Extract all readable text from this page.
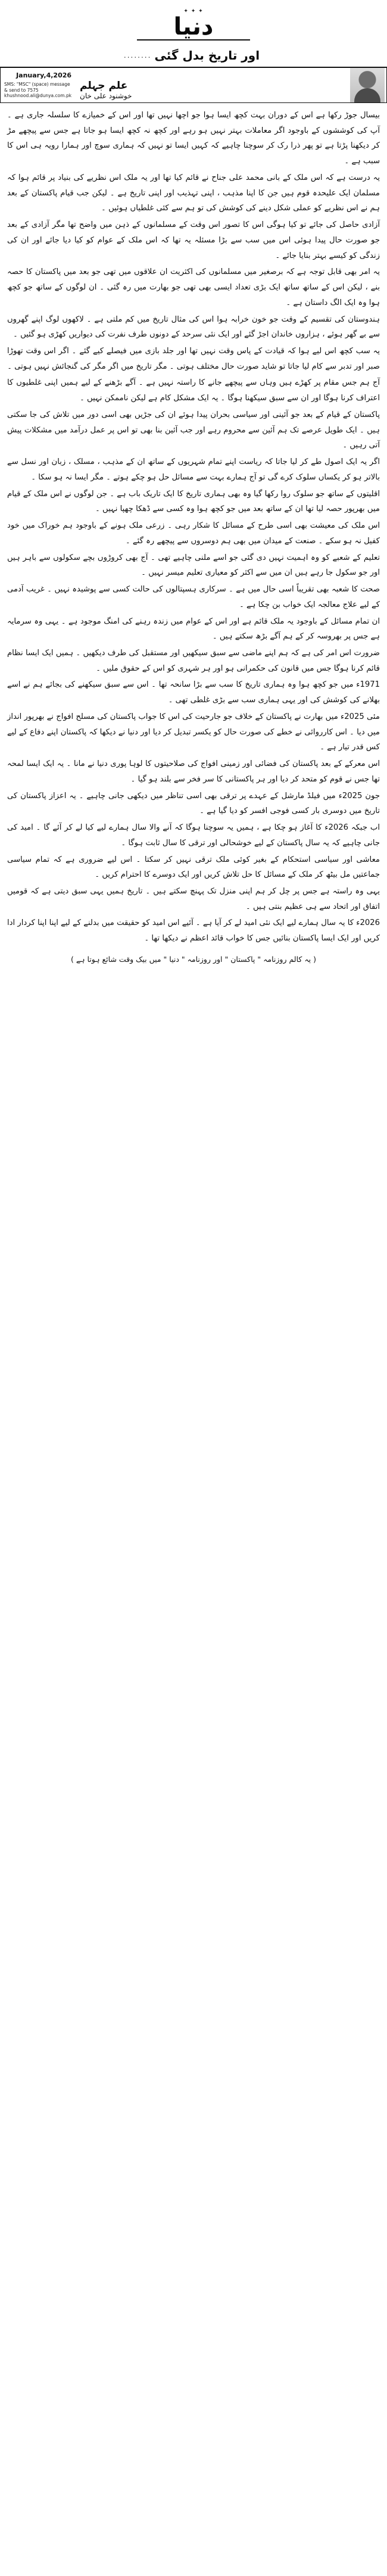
✦ ✦ ✦
دنیا
اور تاریخ بدل گئی ........
علم جہلم
خوشنود علی خان
January,4,2026
SMS: "MSC" (space) message & send to 7575
khushnood.ali@dunya.com.pk

بیسال جوڑ رکھا ہے اس کے دوران بہت کچھ ایسا ہوا جو اچھا نہیں تھا اور اس کے خمیازے کا سلسلہ جاری ہے ۔ آپ کی کوششوں کے باوجود اگر معاملات بہتر نہیں ہو رہے اور کچھ نہ کچھ ایسا ہو جاتا ہے جس سے پیچھے مڑ کر دیکھنا پڑتا ہے تو پھر ذرا رک کر سوچنا چاہیے کہ کہیں ایسا تو نہیں کہ ہماری سوچ اور ہمارا رویہ ہی اس کا سبب ہے ۔

یہ درست ہے کہ اس ملک کے بانی محمد علی جناح نے قائم کیا تھا اور یہ ملک اس نظریے کی بنیاد پر قائم ہوا کہ مسلمان ایک علیحدہ قوم ہیں جن کا اپنا مذہب ، اپنی تہذیب اور اپنی تاریخ ہے ۔ لیکن جب قیام پاکستان کے بعد ہم نے اس نظریے کو عملی شکل دینے کی کوشش کی تو ہم سے کئی غلطیاں ہوئیں ۔

آزادی حاصل کی جائے تو کیا ہوگی اس کا تصور اس وقت کے مسلمانوں کے ذہن میں واضح تھا مگر آزادی کے بعد جو صورت حال پیدا ہوئی اس میں سب سے بڑا مسئلہ یہ تھا کہ اس ملک کے عوام کو کیا دیا جائے اور ان کی زندگی کو کیسے بہتر بنایا جائے ۔

یہ امر بھی قابل توجہ ہے کہ برصغیر میں مسلمانوں کی اکثریت ان علاقوں میں تھی جو بعد میں پاکستان کا حصہ بنے ، لیکن اس کے ساتھ ساتھ ایک بڑی تعداد ایسی بھی تھی جو بھارت میں رہ گئی ۔ ان لوگوں کے ساتھ جو کچھ ہوا وہ ایک الگ داستان ہے ۔

ہندوستان کی تقسیم کے وقت جو خون خرابہ ہوا اس کی مثال تاریخ میں کم ملتی ہے ۔ لاکھوں لوگ اپنے گھروں سے بے گھر ہوئے ، ہزاروں خاندان اجڑ گئے اور ایک نئی سرحد کے دونوں طرف نفرت کی دیواریں کھڑی ہو گئیں ۔

یہ سب کچھ اس لیے ہوا کہ قیادت کے پاس وقت نہیں تھا اور جلد بازی میں فیصلے کیے گئے ۔ اگر اس وقت تھوڑا صبر اور تدبر سے کام لیا جاتا تو شاید صورت حال مختلف ہوتی ۔ مگر تاریخ میں اگر مگر کی گنجائش نہیں ہوتی ۔

آج ہم جس مقام پر کھڑے ہیں وہاں سے پیچھے جانے کا راستہ نہیں ہے ۔ آگے بڑھنے کے لیے ہمیں اپنی غلطیوں کا اعتراف کرنا ہوگا اور ان سے سبق سیکھنا ہوگا ۔ یہ ایک مشکل کام ہے لیکن ناممکن نہیں ۔

پاکستان کے قیام کے بعد جو آئینی اور سیاسی بحران پیدا ہوئے ان کی جڑیں بھی اسی دور میں تلاش کی جا سکتی ہیں ۔ ایک طویل عرصے تک ہم آئین سے محروم رہے اور جب آئین بنا بھی تو اس پر عمل درآمد میں مشکلات پیش آتی رہیں ۔

اگر یہ ایک اصول طے کر لیا جاتا کہ ریاست اپنے تمام شہریوں کے ساتھ ان کے مذہب ، مسلک ، زبان اور نسل سے بالاتر ہو کر یکساں سلوک کرے گی تو آج ہمارے بہت سے مسائل حل ہو چکے ہوتے ۔ مگر ایسا نہ ہو سکا ۔

اقلیتوں کے ساتھ جو سلوک روا رکھا گیا وہ بھی ہماری تاریخ کا ایک تاریک باب ہے ۔ جن لوگوں نے اس ملک کے قیام میں بھرپور حصہ لیا تھا ان کے ساتھ بعد میں جو کچھ ہوا وہ کسی سے ڈھکا چھپا نہیں ۔

اس ملک کی معیشت بھی اسی طرح کے مسائل کا شکار رہی ۔ زرعی ملک ہونے کے باوجود ہم خوراک میں خود کفیل نہ ہو سکے ۔ صنعت کے میدان میں بھی ہم دوسروں سے پیچھے رہ گئے ۔

تعلیم کے شعبے کو وہ اہمیت نہیں دی گئی جو اسے ملنی چاہیے تھی ۔ آج بھی کروڑوں بچے سکولوں سے باہر ہیں اور جو سکول جا رہے ہیں ان میں سے اکثر کو معیاری تعلیم میسر نہیں ۔

صحت کا شعبہ بھی تقریباً اسی حال میں ہے ۔ سرکاری ہسپتالوں کی حالت کسی سے پوشیدہ نہیں ۔ غریب آدمی کے لیے علاج معالجہ ایک خواب بن چکا ہے ۔

ان تمام مسائل کے باوجود یہ ملک قائم ہے اور اس کے عوام میں زندہ رہنے کی امنگ موجود ہے ۔ یہی وہ سرمایہ ہے جس پر بھروسہ کر کے ہم آگے بڑھ سکتے ہیں ۔

ضرورت اس امر کی ہے کہ ہم اپنے ماضی سے سبق سیکھیں اور مستقبل کی طرف دیکھیں ۔ ہمیں ایک ایسا نظام قائم کرنا ہوگا جس میں قانون کی حکمرانی ہو اور ہر شہری کو اس کے حقوق ملیں ۔

1971ء میں جو کچھ ہوا وہ ہماری تاریخ کا سب سے بڑا سانحہ تھا ۔ اس سے سبق سیکھنے کی بجائے ہم نے اسے بھلانے کی کوشش کی اور یہی ہماری سب سے بڑی غلطی تھی ۔

مئی 2025ء میں بھارت نے پاکستان کے خلاف جو جارحیت کی اس کا جواب پاکستان کی مسلح افواج نے بھرپور انداز میں دیا ۔ اس کارروائی نے خطے کی صورت حال کو یکسر تبدیل کر دیا اور دنیا نے دیکھا کہ پاکستان اپنے دفاع کے لیے کس قدر تیار ہے ۔

اس معرکے کے بعد پاکستان کی فضائی اور زمینی افواج کی صلاحیتوں کا لوہا پوری دنیا نے مانا ۔ یہ ایک ایسا لمحہ تھا جس نے قوم کو متحد کر دیا اور ہر پاکستانی کا سر فخر سے بلند ہو گیا ۔

جون 2025ء میں فیلڈ مارشل کے عہدے پر ترقی بھی اسی تناظر میں دیکھی جانی چاہیے ۔ یہ اعزاز پاکستان کی تاریخ میں دوسری بار کسی فوجی افسر کو دیا گیا ہے ۔

اب جبکہ 2026ء کا آغاز ہو چکا ہے ، ہمیں یہ سوچنا ہوگا کہ آنے والا سال ہمارے لیے کیا لے کر آئے گا ۔ امید کی جانی چاہیے کہ یہ سال پاکستان کے لیے خوشحالی اور ترقی کا سال ثابت ہوگا ۔

معاشی اور سیاسی استحکام کے بغیر کوئی ملک ترقی نہیں کر سکتا ۔ اس لیے ضروری ہے کہ تمام سیاسی جماعتیں مل بیٹھ کر ملک کے مسائل کا حل تلاش کریں اور ایک دوسرے کا احترام کریں ۔

یہی وہ راستہ ہے جس پر چل کر ہم اپنی منزل تک پہنچ سکتے ہیں ۔ تاریخ ہمیں یہی سبق دیتی ہے کہ قومیں اتفاق اور اتحاد سے ہی عظیم بنتی ہیں ۔

2026ء کا یہ سال ہمارے لیے ایک نئی امید لے کر آیا ہے ۔ آئیے اس امید کو حقیقت میں بدلنے کے لیے اپنا اپنا کردار ادا کریں اور ایک ایسا پاکستان بنائیں جس کا خواب قائد اعظم نے دیکھا تھا ۔

( یہ کالم روزنامہ " پاکستان " اور روزنامہ " دنیا " میں بیک وقت شائع ہوتا ہے )
